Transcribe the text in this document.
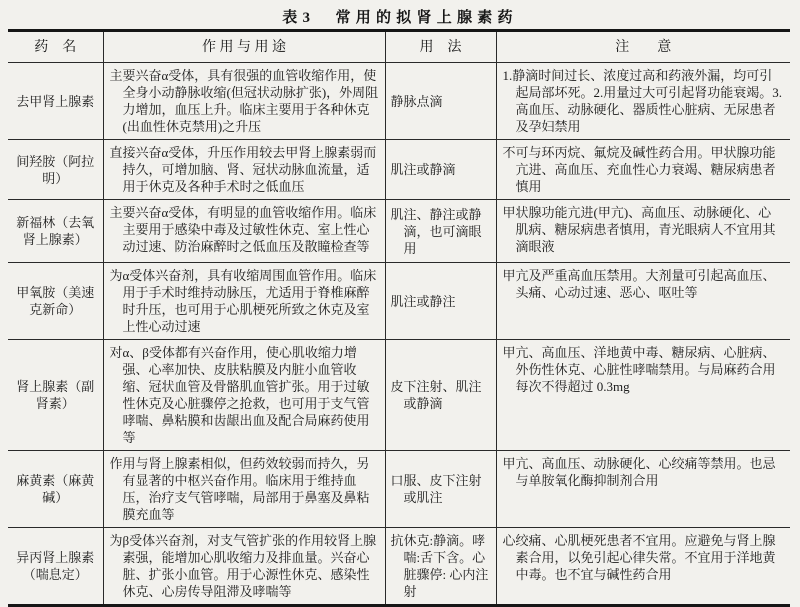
表3　常用的拟肾上腺素药
药　名	作 用 与 用 途	用　法	注　　意
去甲肾上腺素	主要兴奋α受体，具有很强的血管收缩作用，使全身小动静脉收缩(但冠状动脉扩张)，外周阻力增加，血压上升。临床主要用于各种休克(出血性休克禁用)之升压	静脉点滴	1.静滴时间过长、浓度过高和药液外漏，均可引起局部坏死。2.用量过大可引起肾功能衰竭。3.高血压、动脉硬化、器质性心脏病、无尿患者及孕妇禁用
间羟胺（阿拉明）	直接兴奋α受体，升压作用较去甲肾上腺素弱而持久，可增加脑、肾、冠状动脉血流量，适用于休克及各种手术时之低血压	肌注或静滴	不可与环丙烷、氟烷及碱性药合用。甲状腺功能亢进、高血压、充血性心力衰竭、糖尿病患者慎用
新福林（去氧肾上腺素）	主要兴奋α受体，有明显的血管收缩作用。临床主要用于感染中毒及过敏性休克、室上性心动过速、防治麻醉时之低血压及散瞳检查等	肌注、静注或静滴，也可滴眼用	甲状腺功能亢进(甲亢)、高血压、动脉硬化、心肌病、糖尿病患者慎用，青光眼病人不宜用其滴眼液
甲氧胺（美速克新命）	为α受体兴奋剂，具有收缩周围血管作用。临床用于手术时维持动脉压，尤适用于脊椎麻醉时升压，也可用于心肌梗死所致之休克及室上性心动过速	肌注或静注	甲亢及严重高血压禁用。大剂量可引起高血压、头痛、心动过速、恶心、呕吐等
肾上腺素（副肾素）	对α、β受体都有兴奋作用，使心肌收缩力增强、心率加快、皮肤粘膜及内脏小血管收缩、冠状血管及骨骼肌血管扩张。用于过敏性休克及心脏骤停之抢救，也可用于支气管哮喘、鼻粘膜和齿龈出血及配合局麻药使用等	皮下注射、肌注或静滴	甲亢、高血压、洋地黄中毒、糖尿病、心脏病、外伤性休克、心脏性哮喘禁用。与局麻药合用每次不得超过 0.3mg
麻黄素（麻黄碱）	作用与肾上腺素相似，但药效较弱而持久，另有显著的中枢兴奋作用。临床用于维持血压，治疗支气管哮喘，局部用于鼻塞及鼻粘膜充血等	口服、皮下注射或肌注	甲亢、高血压、动脉硬化、心绞痛等禁用。也忌与单胺氧化酶抑制剂合用
异丙肾上腺素（喘息定）	为β受体兴奋剂，对支气管扩张的作用较肾上腺素强，能增加心肌收缩力及排血量。兴奋心脏、扩张小血管。用于心源性休克、感染性休克、心房传导阻滞及哮喘等	抗休克:静滴。哮喘:舌下含。心脏骤停: 心内注射	心绞痛、心肌梗死患者不宜用。应避免与肾上腺素合用，以免引起心律失常。不宜用于洋地黄中毒。也不宜与碱性药合用
